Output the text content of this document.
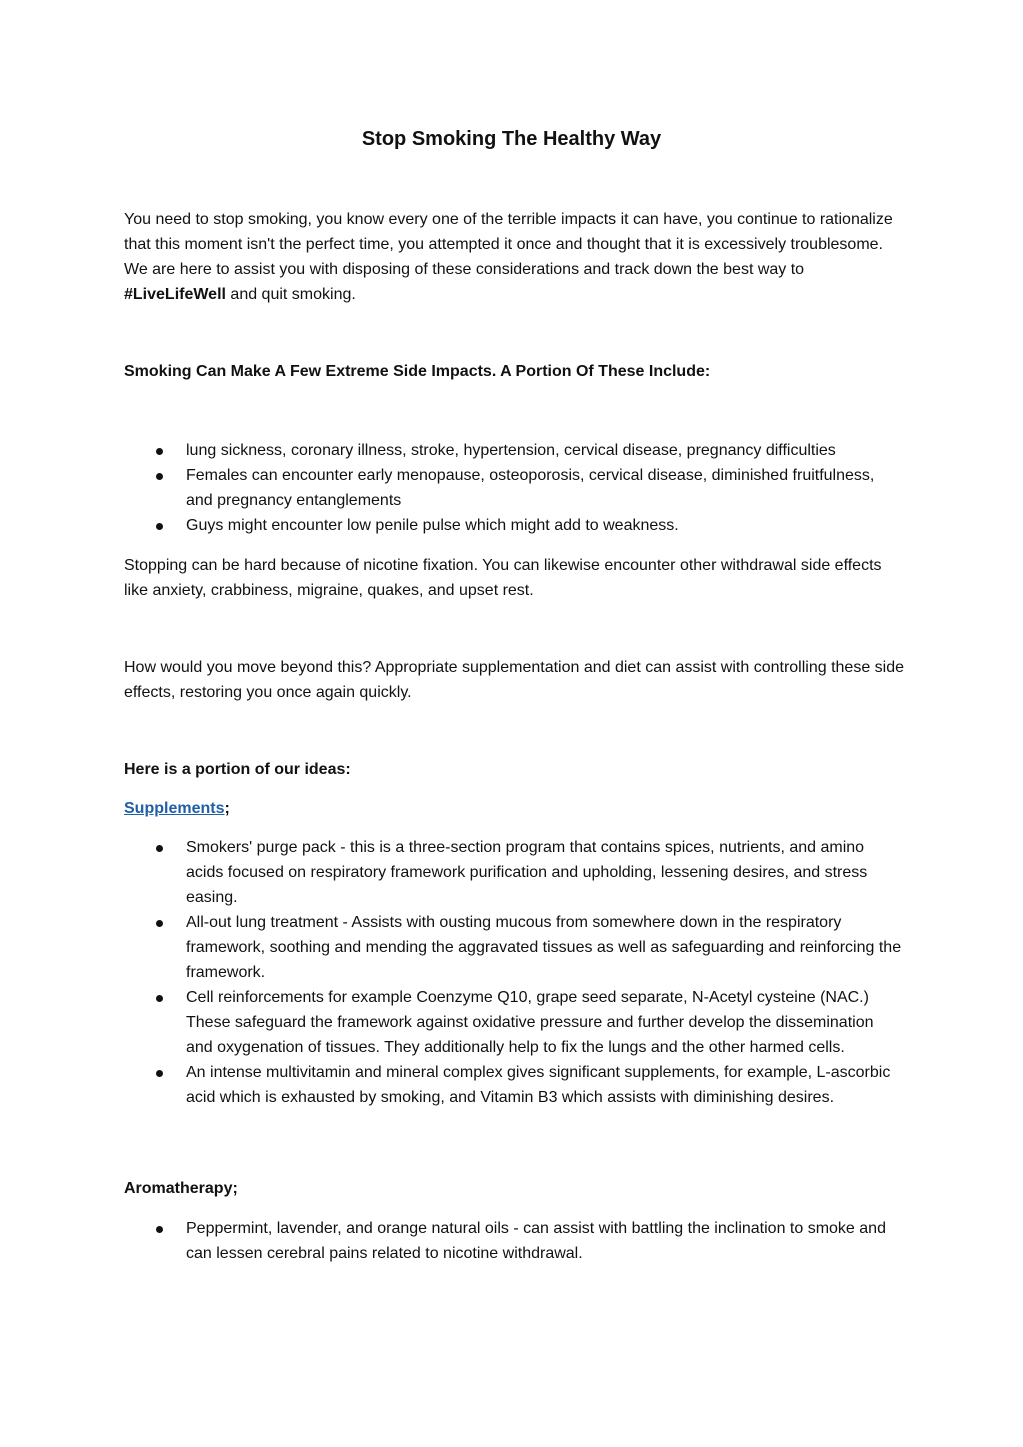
Stop Smoking The Healthy Way

You need to stop smoking, you know every one of the terrible impacts it can have, you continue to rationalize that this moment isn't the perfect time, you attempted it once and thought that it is excessively troublesome. We are here to assist you with disposing of these considerations and track down the best way to #LiveLifeWell and quit smoking.

Smoking Can Make A Few Extreme Side Impacts. A Portion Of These Include:

lung sickness, coronary illness, stroke, hypertension, cervical disease, pregnancy difficulties
Females can encounter early menopause, osteoporosis, cervical disease, diminished fruitfulness, and pregnancy entanglements
Guys might encounter low penile pulse which might add to weakness.

Stopping can be hard because of nicotine fixation. You can likewise encounter other withdrawal side effects like anxiety, crabbiness, migraine, quakes, and upset rest.

How would you move beyond this? Appropriate supplementation and diet can assist with controlling these side effects, restoring you once again quickly.

Here is a portion of our ideas:

Supplements;

Smokers' purge pack - this is a three-section program that contains spices, nutrients, and amino acids focused on respiratory framework purification and upholding, lessening desires, and stress easing.
All-out lung treatment - Assists with ousting mucous from somewhere down in the respiratory framework, soothing and mending the aggravated tissues as well as safeguarding and reinforcing the framework.
Cell reinforcements for example Coenzyme Q10, grape seed separate, N-Acetyl cysteine (NAC.) These safeguard the framework against oxidative pressure and further develop the dissemination and oxygenation of tissues. They additionally help to fix the lungs and the other harmed cells.
An intense multivitamin and mineral complex gives significant supplements, for example, L-ascorbic acid which is exhausted by smoking, and Vitamin B3 which assists with diminishing desires.

Aromatherapy;

Peppermint, lavender, and orange natural oils - can assist with battling the inclination to smoke and can lessen cerebral pains related to nicotine withdrawal.
